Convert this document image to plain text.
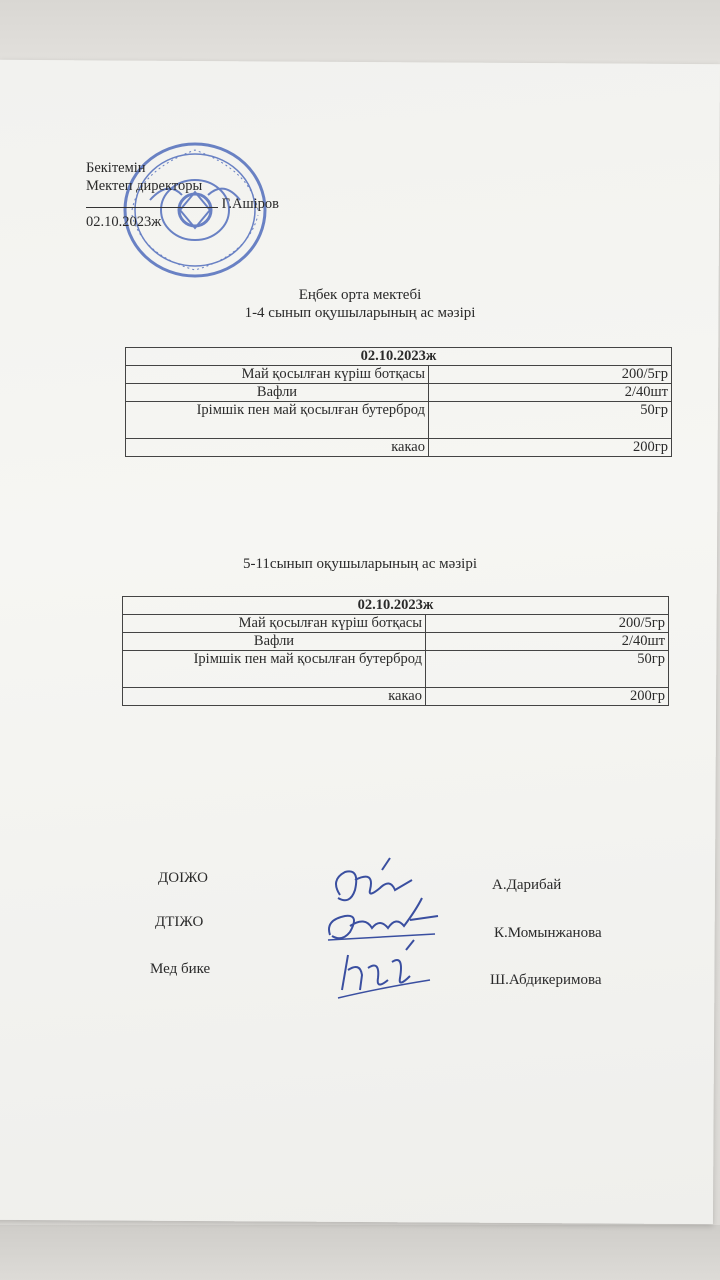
Бекітемін
Мектеп директоры
Г.Ашіров
02.10.2023ж
Еңбек орта мектебі
1-4 сынып оқушыларының ас мәзірі
02.10.2023ж	
Май қосылған күріш ботқасы	200/5гр
Вафли	2/40шт
Ірімшік пен май қосылған бутерброд	50гр
какао	200гр
5-11сынып оқушыларының ас мәзірі
02.10.2023ж	
Май қосылған күріш ботқасы	200/5гр
Вафли	2/40шт
Ірімшік пен май қосылған бутерброд	50гр
какао	200гр
ДОІЖО
ДТІЖО
Мед бике
А.Дарибай
К.Момынжанова
Ш.Абдикеримова
